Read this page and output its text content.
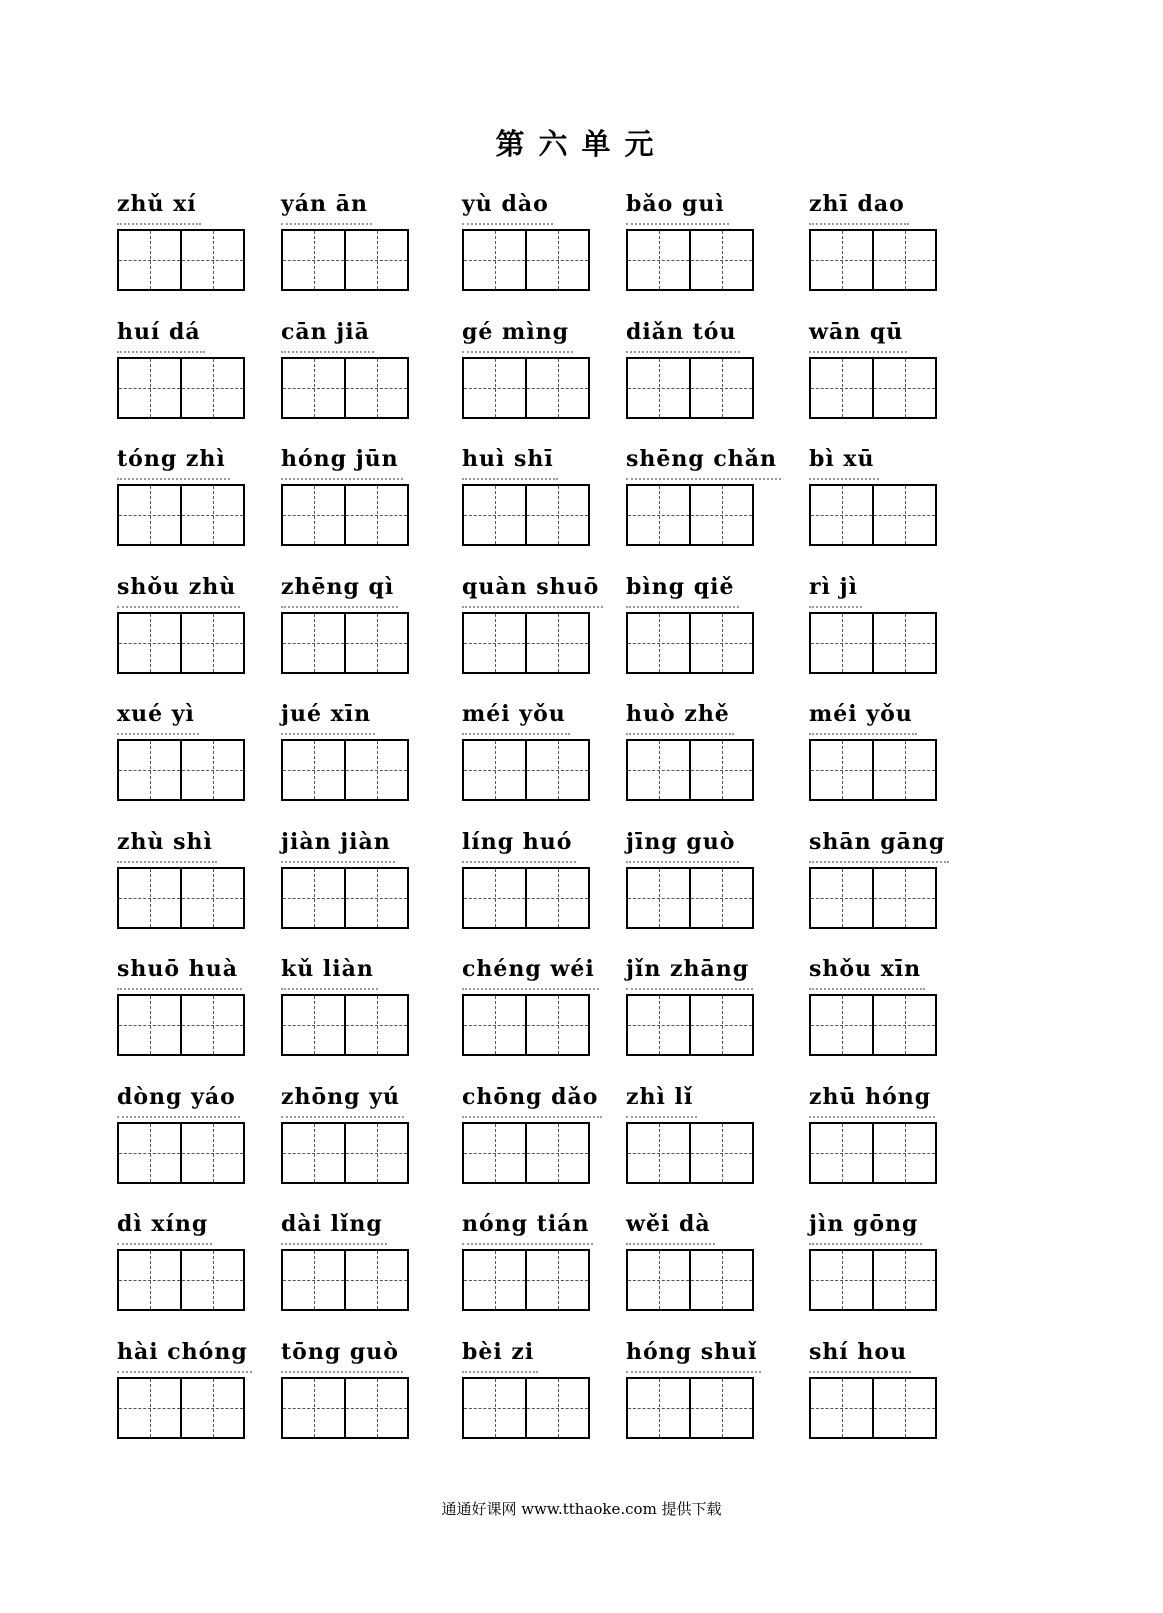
第六单元
zhǔ xí	yán ān	yù dào	bǎo guì	zhī dao
huí dá	cān jiā	gé mìng	diǎn tóu	wān qū
tóng zhì	hóng jūn	huì shī	shēng chǎn	bì xū
shǒu zhù	zhēng qì	quàn shuō	bìng qiě	rì jì
xué yì	jué xīn	méi yǒu	huò zhě	méi yǒu
zhù shì	jiàn jiàn	líng huó	jīng guò	shān gāng
shuō huà	kǔ liàn	chéng wéi	jǐn zhāng	shǒu xīn
dòng yáo	zhōng yú	chōng dǎo	zhì lǐ	zhū hóng
dì xíng	dài lǐng	nóng tián	wěi dà	jìn gōng
hài chóng	tōng guò	bèi zi	hóng shuǐ	shí hou
通通好课网 www.tthaoke.com 提供下载
